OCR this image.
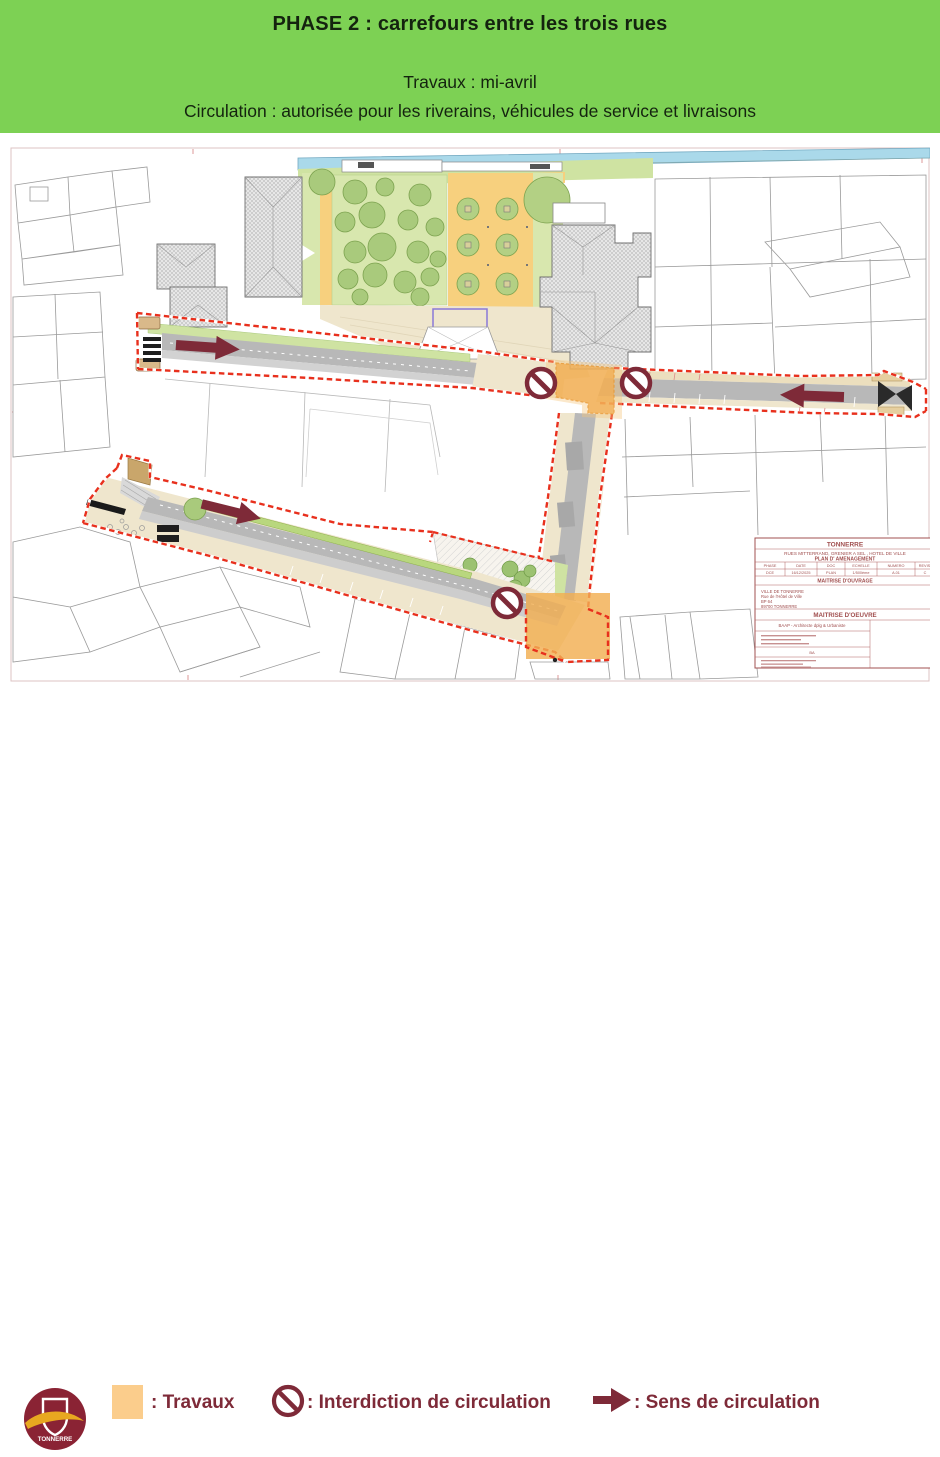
PHASE 2 : carrefours entre les trois rues
Travaux : mi-avril
Circulation : autorisée pour les riverains, véhicules de service et livraisons
TONNERRE
RUES MITTERRAND, GRENIER A SEL , HOTEL DE VILLE
PLAN D' AMENAGEMENT
PHASE	DATE	DOC	ECHELLE	NUMERO	REVIS.
DCE	16/12/2025	PLAN	1/500ème	A.01	C
MAITRISE D'OUVRAGE
MAITRISE D'OEUVRE
BAAP - Architecte dplg & Urbaniste
BA
VILLE DE TONNERRE
Rue de l'Hôtel de Ville
BP 64
89700 TONNERRE
TONNERRE
: Travaux	: Interdiction de circulation	: Sens de circulation
